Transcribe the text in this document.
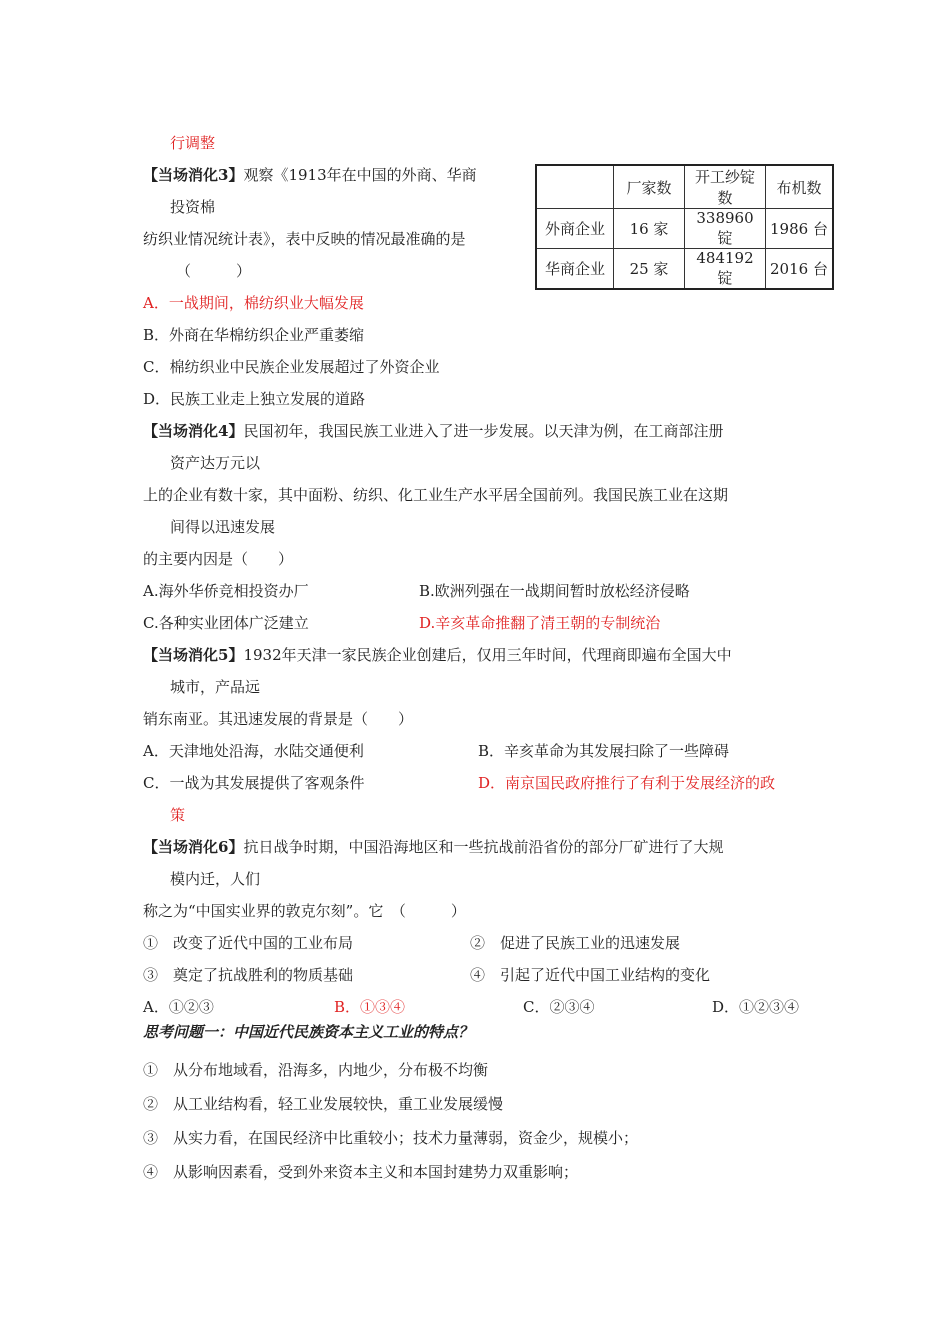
行调整
【当场消化3】观察《1913年在中国的外商、华商
投资棉
纺织业情况统计表》，表中反映的情况最准确的是
（　　　）
	厂家数	开工纱锭数	布机数
外商企业	16 家	338960 锭	1986 台
华商企业	25 家	484192 锭	2016 台
A．一战期间，棉纺织业大幅发展
B．外商在华棉纺织企业严重萎缩
C．棉纺织业中民族企业发展超过了外资企业
D．民族工业走上独立发展的道路
【当场消化4】民国初年，我国民族工业进入了进一步发展。以天津为例，在工商部注册
资产达万元以
上的企业有数十家，其中面粉、纺织、化工业生产水平居全国前列。我国民族工业在这期
间得以迅速发展
的主要内因是（　　）
A.海外华侨竞相投资办厂	B.欧洲列强在一战期间暂时放松经济侵略
C.各种实业团体广泛建立	D.辛亥革命推翻了清王朝的专制统治
【当场消化5】1932年天津一家民族企业创建后，仅用三年时间，代理商即遍布全国大中
城市，产品远
销东南亚。其迅速发展的背景是（　　）
A．天津地处沿海，水陆交通便利	B．辛亥革命为其发展扫除了一些障碍
C．一战为其发展提供了客观条件	D．南京国民政府推行了有利于发展经济的政
策
【当场消化6】抗日战争时期，中国沿海地区和一些抗战前沿省份的部分厂矿进行了大规
模内迁，人们
称之为“中国实业界的敦克尔刻”。它　（　　　）
①　改变了近代中国的工业布局	②　促进了民族工业的迅速发展
③　奠定了抗战胜利的物质基础	④　引起了近代中国工业结构的变化
A．①②③	B．①③④	C．②③④	D．①②③④
思考问题一：中国近代民族资本主义工业的特点？
①　从分布地域看，沿海多，内地少，分布极不均衡
②　从工业结构看，轻工业发展较快，重工业发展缓慢
③　从实力看，在国民经济中比重较小；技术力量薄弱，资金少，规模小；
④　从影响因素看，受到外来资本主义和本国封建势力双重影响；
